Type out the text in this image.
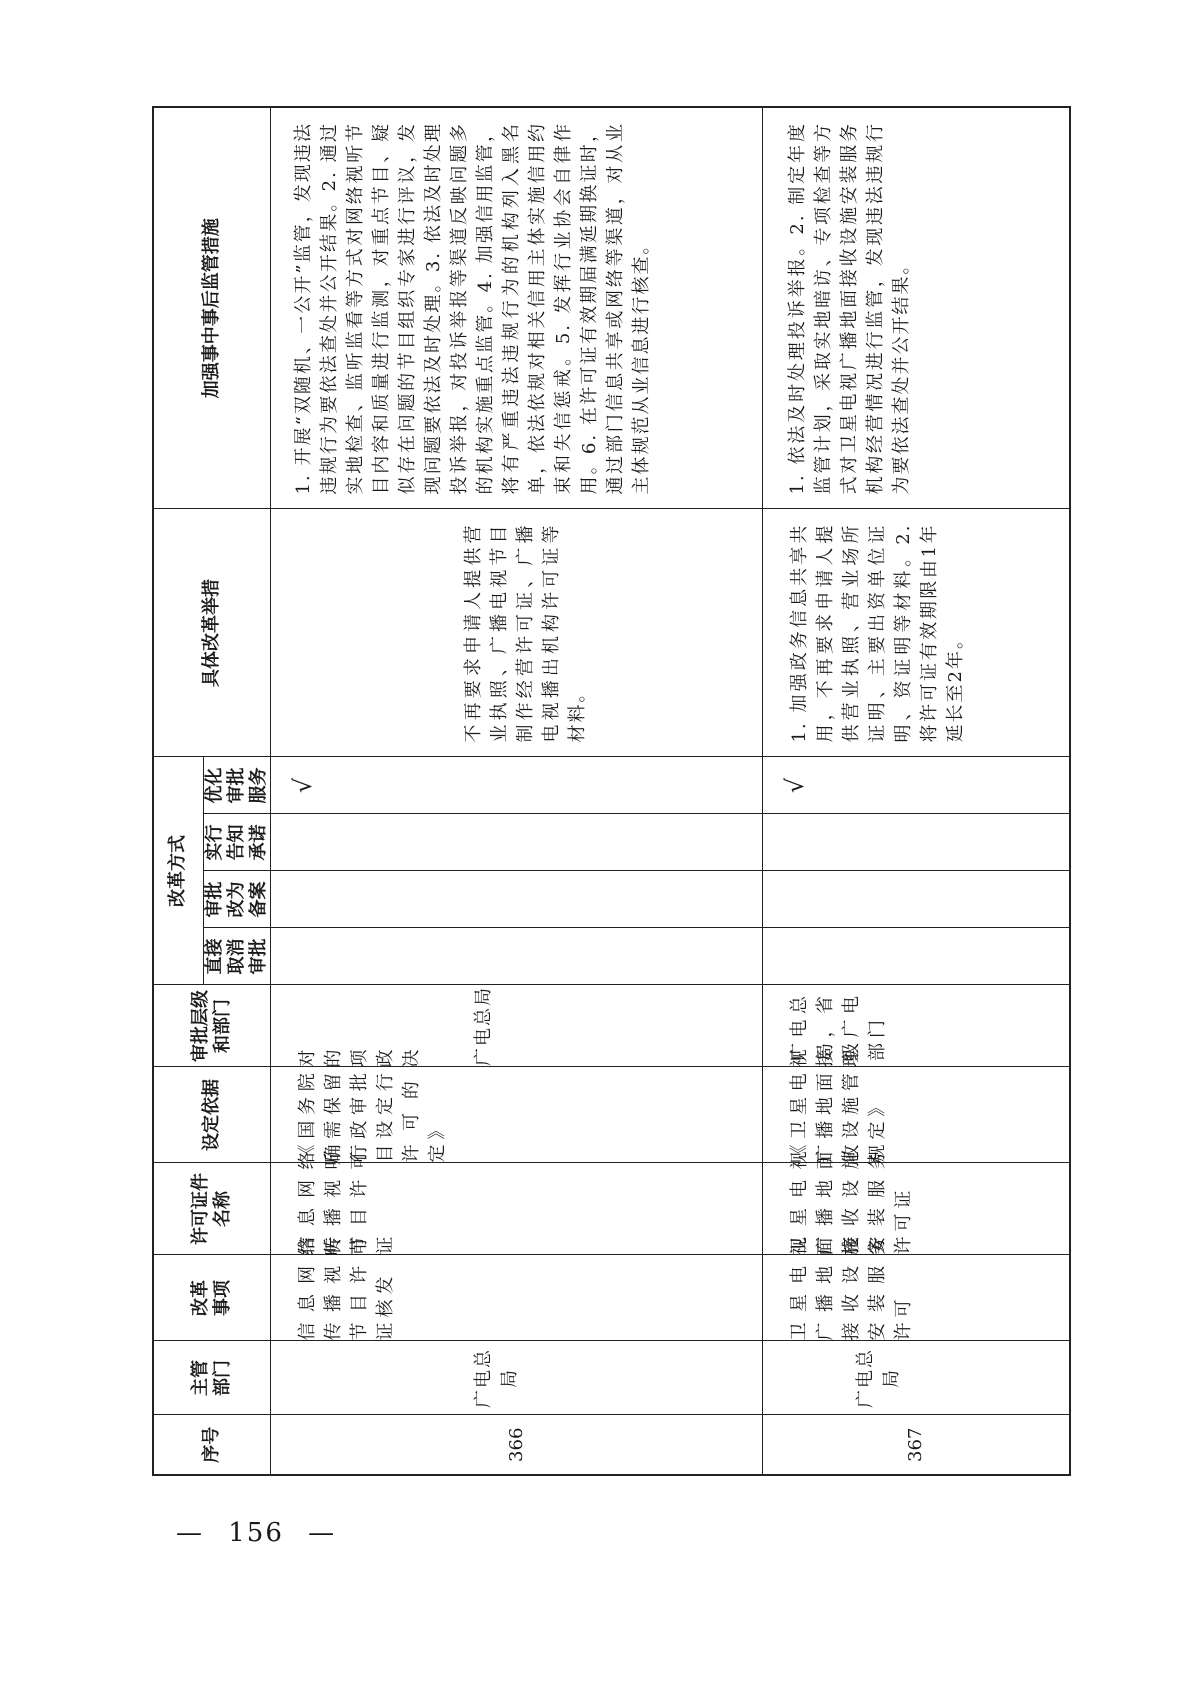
序号	主管 部门	改革 事项	许可证件 名称	设定依据	审批层级 和部门	改革方式				具体改革举措	加强事中事后监管措施

						直接 取消 审批	审批 改为 备案	实行 告知 承诺	优化 审批 服务		

366	广电总局	信息网络传播视听节目许可证核发	信息网络传播视听节目许可证	《国务院对确需保留的行政审批项目设定行政许可的决定》	广电总局				√	不再要求申请人提供营业执照、广播电视节目制作经营许可证、广播电视播出机构许可证等材料。	1. 开展“双随机、一公开”监管，发现违法违规行为要依法查处并公开结果。2. 通过实地检查、监听监看等方式对网络视听节目内容和质量进行监测，对重点节目、疑似存在问题的节目组织专家进行评议，发现问题要依法及时处理。3. 依法及时处理投诉举报，对投诉举报等渠道反映问题多的机构实施重点监管。4. 加强信用监管，将有严重违法违规行为的机构列入黑名单，依法依规对相关信用主体实施信用约束和失信惩戒。5. 发挥行业协会自律作用。6. 在许可证有效期届满延期换证时，通过部门信息共享或网络等渠道，对从业主体规范从业信息进行核查。

367	广电总局	卫星电视广播地面接收设施安装服务许可	卫星电视广播地面接收设施安装服务许可证	《卫星电视广播地面接收设施管理规定》	广电总局，省级广电部门				√	1. 加强政务信息共享共用，不再要求申请人提供营业执照、营业场所证明、主要出资单位证明、资证明等材料。2. 将许可证有效期限由1年延长至2年。	1. 依法及时处理投诉举报。2. 制定年度监管计划，采取实地暗访、专项检查等方式对卫星电视广播地面接收设施安装服务机构经营情况进行监管，发现违法违规行为要依法查处并公开结果。
— 156 —
